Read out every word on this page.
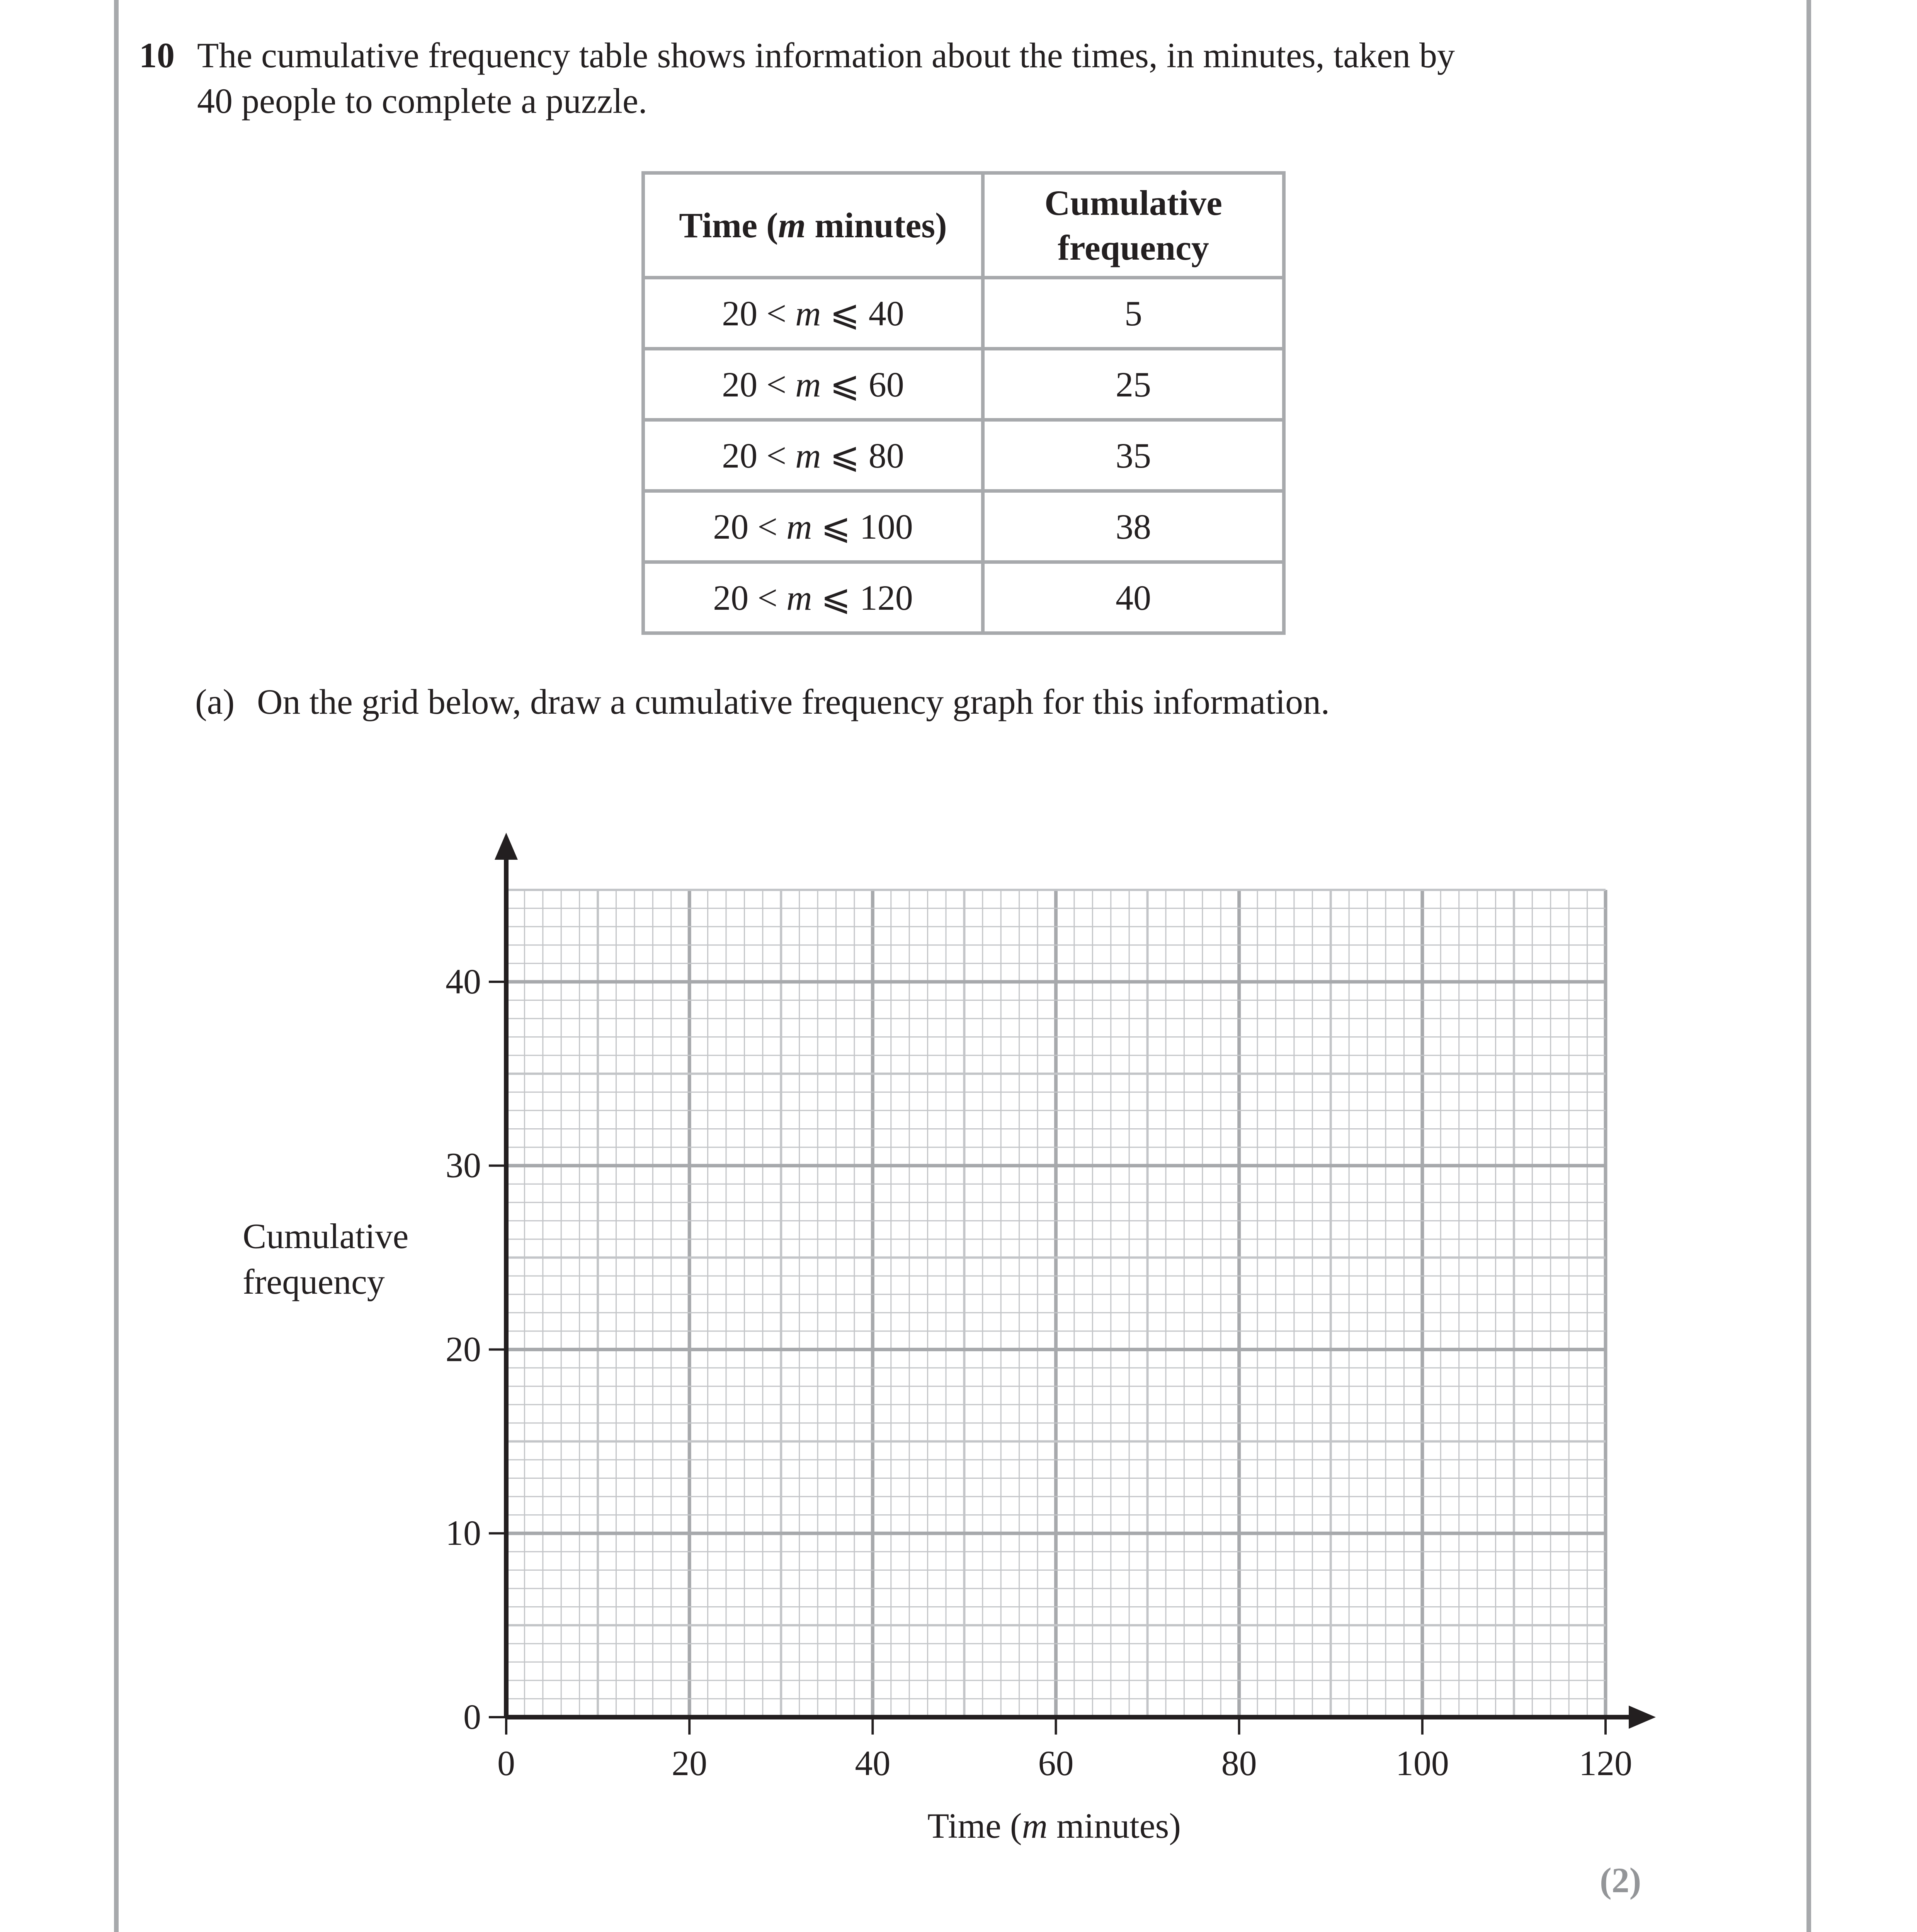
10 The cumulative frequency table shows information about the times, in minutes, taken by
40 people to complete a puzzle.
Time (m minutes)	Cumulative
frequency
20 < m ⩽ 40	5
20 < m ⩽ 60	25
20 < m ⩽ 80	35
20 < m ⩽ 100	38
20 < m ⩽ 120	40
(a) On the grid below, draw a cumulative frequency graph for this information.
0
10
20
30
40
0	20	40	60	80	100	120
Cumulative
frequency
Time (m minutes)
(2)
